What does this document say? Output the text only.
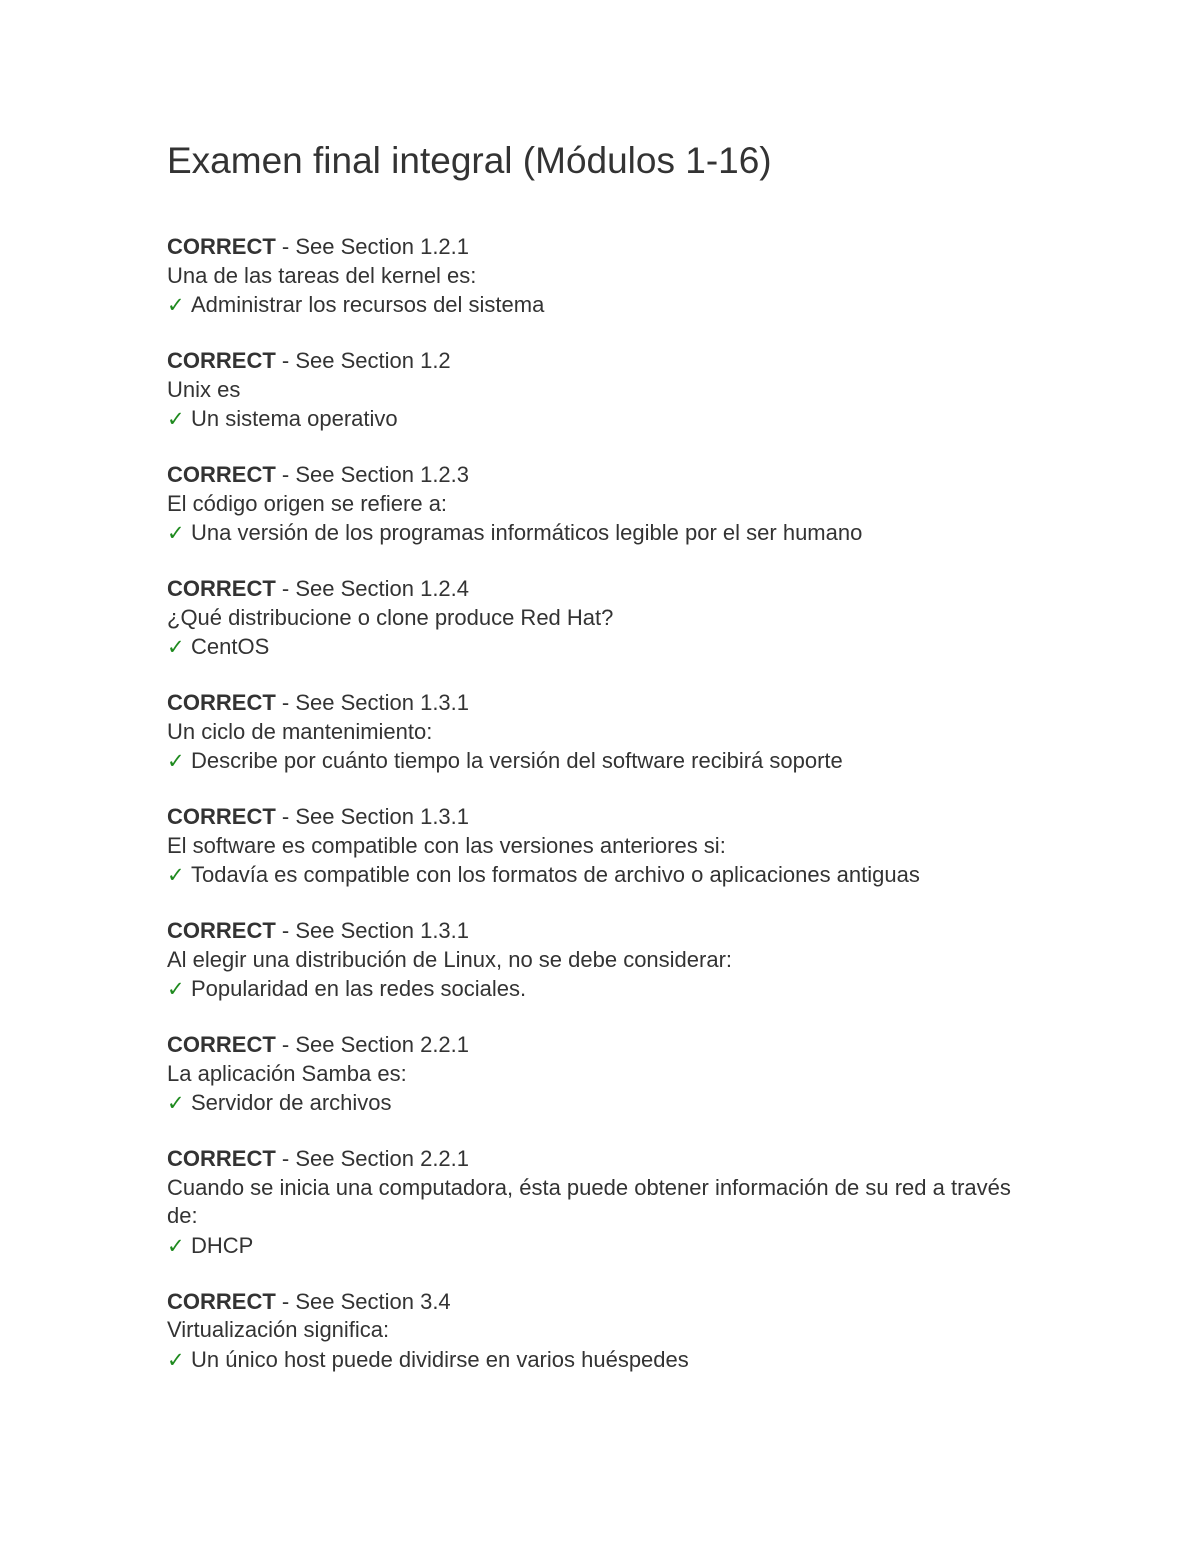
Examen final integral (Módulos 1-16)
CORRECT - See Section 1.2.1
Una de las tareas del kernel es:
✓ Administrar los recursos del sistema
CORRECT - See Section 1.2
Unix es
✓ Un sistema operativo
CORRECT - See Section 1.2.3
El código origen se refiere a:
✓ Una versión de los programas informáticos legible por el ser humano
CORRECT - See Section 1.2.4
¿Qué distribucione o clone produce Red Hat?
✓ CentOS
CORRECT - See Section 1.3.1
Un ciclo de mantenimiento:
✓ Describe por cuánto tiempo la versión del software recibirá soporte
CORRECT - See Section 1.3.1
El software es compatible con las versiones anteriores si:
✓ Todavía es compatible con los formatos de archivo o aplicaciones antiguas
CORRECT - See Section 1.3.1
Al elegir una distribución de Linux, no se debe considerar:
✓ Popularidad en las redes sociales.
CORRECT - See Section 2.2.1
La aplicación Samba es:
✓ Servidor de archivos
CORRECT - See Section 2.2.1
Cuando se inicia una computadora, ésta puede obtener información de su red a través de:
✓ DHCP
CORRECT - See Section 3.4
Virtualización significa:
✓ Un único host puede dividirse en varios huéspedes
